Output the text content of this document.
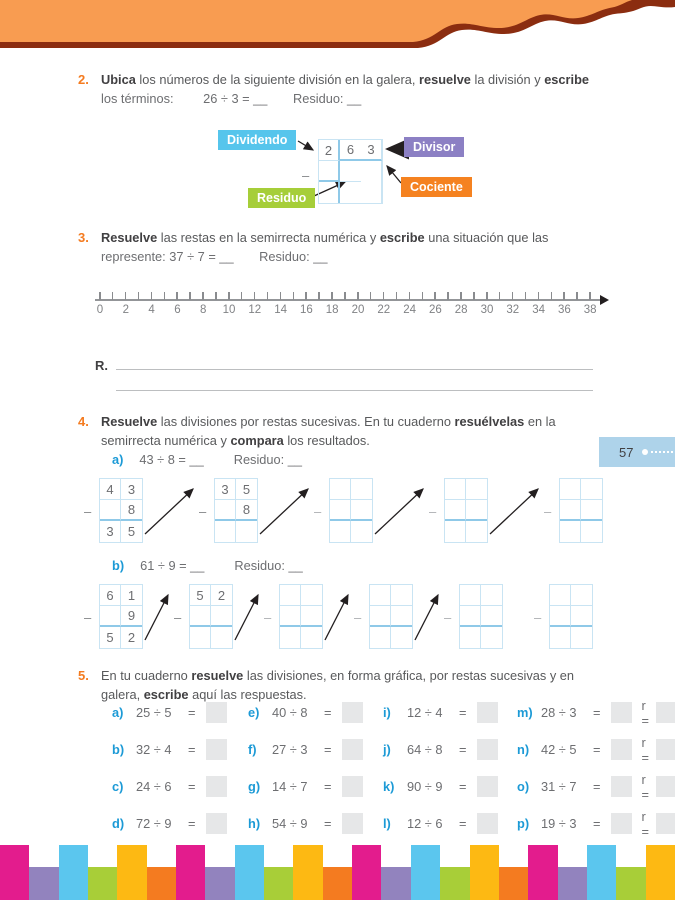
2. Ubica los números de la siguiente división en la galera, resuelve la división y escribe

los términos: 26 ÷ 3 = __ Residuo: __

Dividendo	Divisor
Cociente
Residuo
–
2	6	3
3. Resuelve las restas en la semirrecta numérica y escribe una situación que las

represente: 37 ÷ 7 = __ Residuo: __

0 2 4 6 8 10 12 14 16 18 20 22 24 26 28 30 32 34 36 38
R.
4. Resuelve las divisiones por restas sucesivas. En tu cuaderno resuélvelas en la semirrecta numérica y compara los resultados.

a) 43 ÷ 8 = __ Residuo: __
–
4	3
8
3	5
–
3	5
8	–	–	–
b) 61 ÷ 9 = __ Residuo: __
–
6	1
9
5	2
–
5	2
–	–	–	–
5. En tu cuaderno resuelve las divisiones, en forma gráfica, por restas sucesivas y en galera, escribe aquí las respuestas.

a) 25 ÷ 5	=	e) 40 ÷ 8	=	i)	12 ÷ 4	=	m) 28 ÷ 3	=	r =
b) 32 ÷ 4	=	f)	27 ÷ 3	=	j)	64 ÷ 8	=	n) 42 ÷ 5	=	r =
c) 24 ÷ 6	=	g) 14 ÷ 7	=	k) 90 ÷ 9	=	o) 31 ÷ 7	=	r =
d) 72 ÷ 9	=	h) 54 ÷ 9	=	l)	12 ÷ 6	=	p) 19 ÷ 3	=	r =
57
